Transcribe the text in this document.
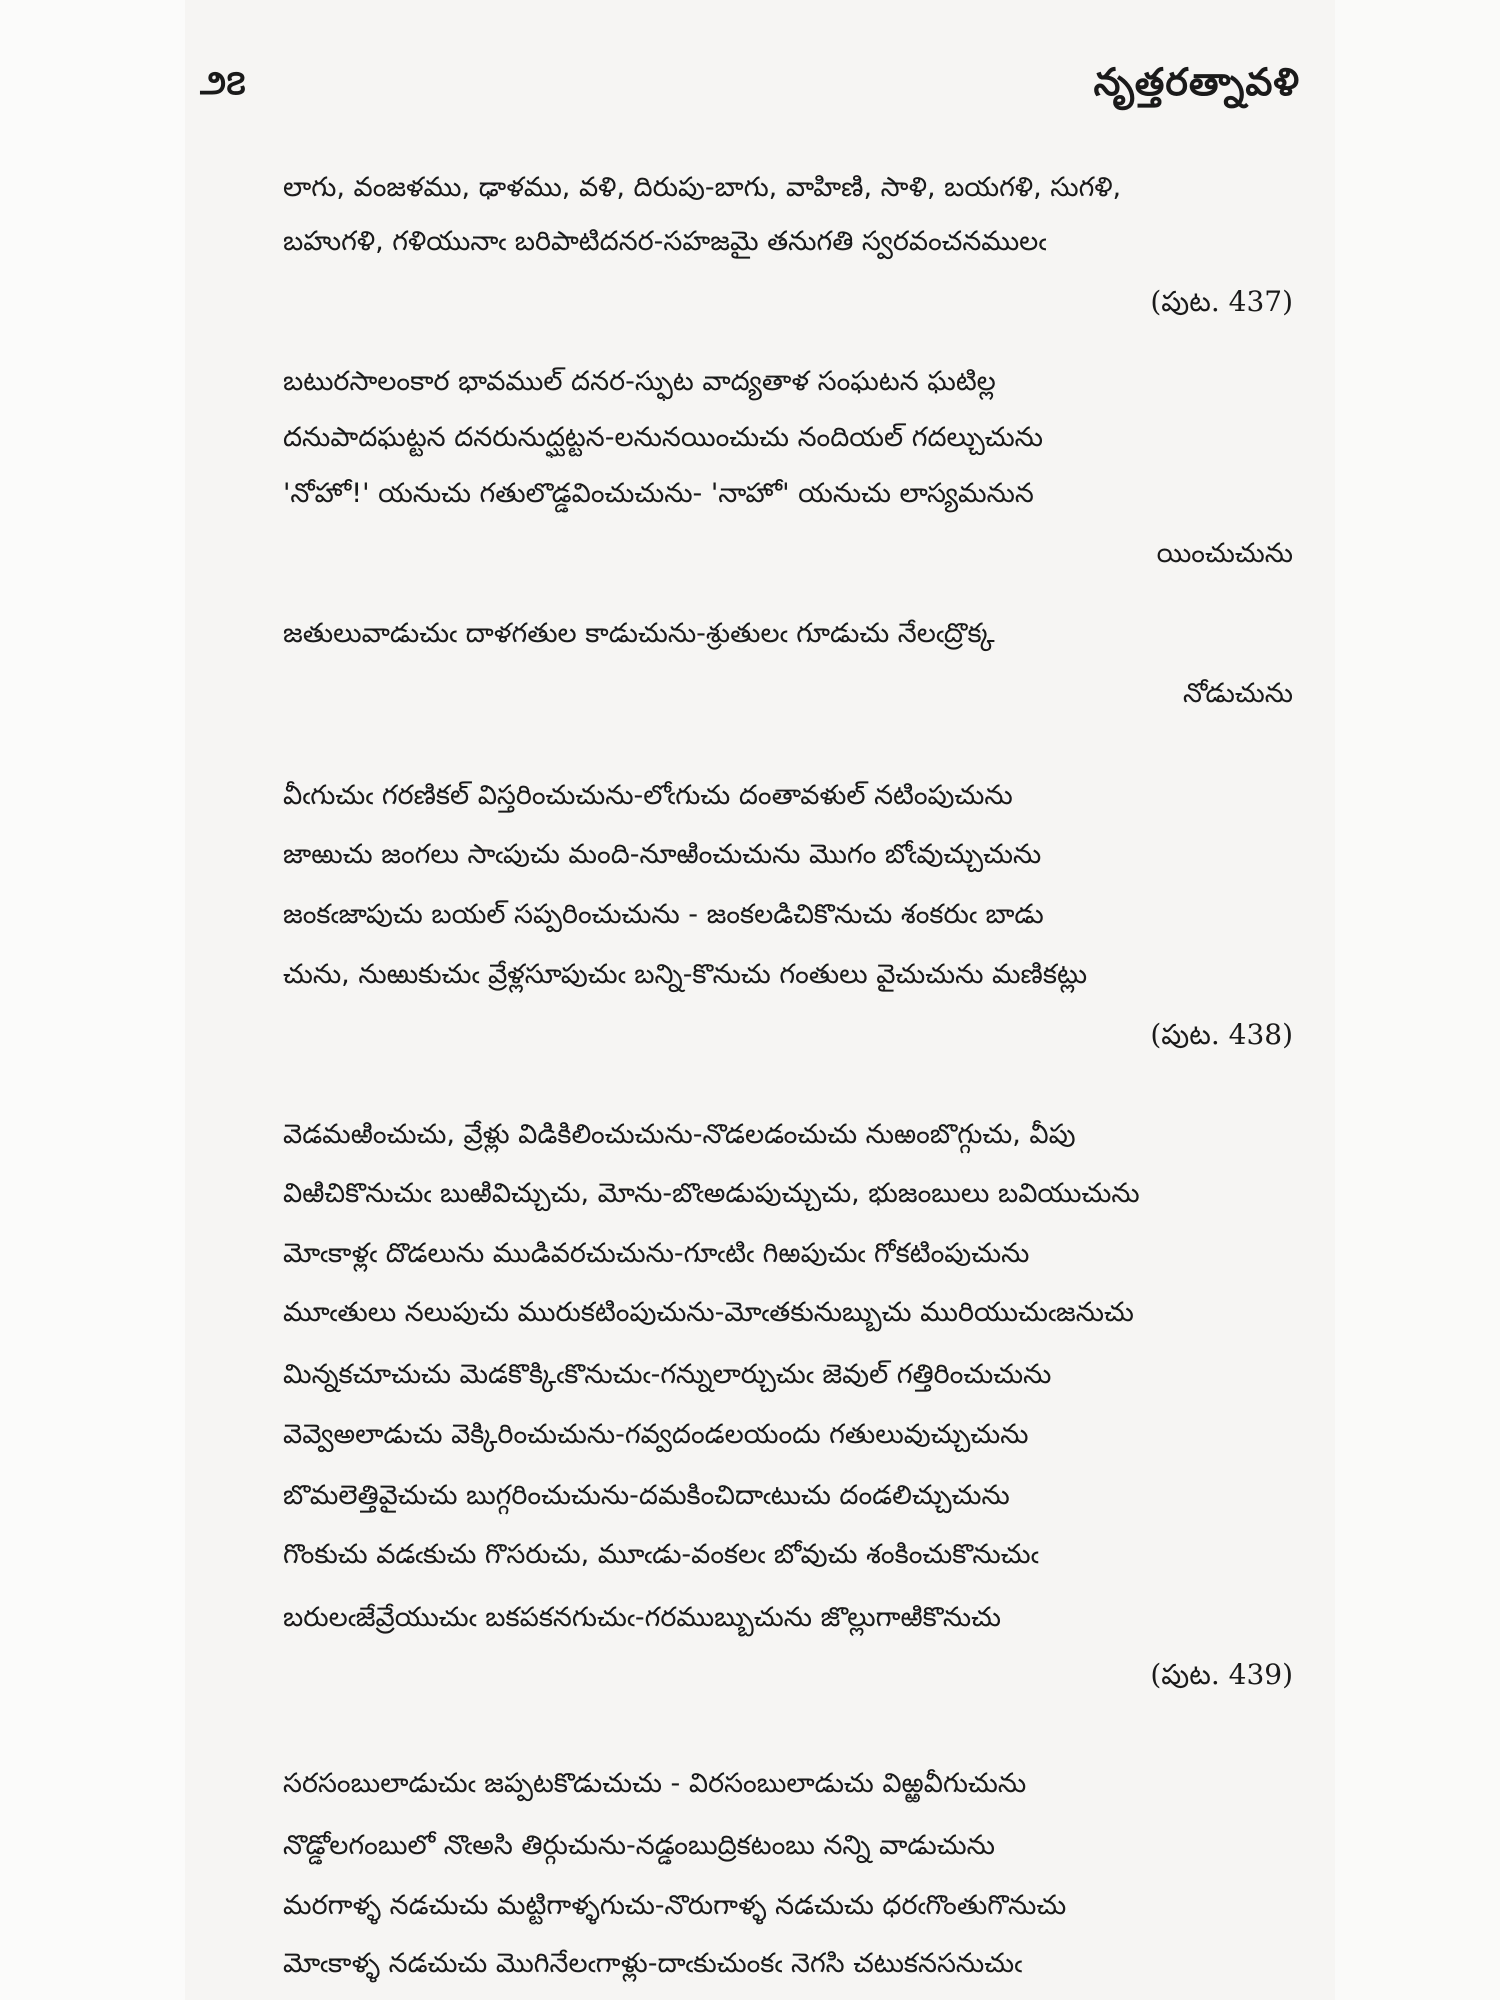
౨౭	నృత్తరత్నావళి
లాగు, వంజళము, ఢాళము, వళి, దిరుపు-బాగు, వాహిణి, సాళి, బయగళి, సుగళి,
బహుగళి, గళియునాఁ బరిపాటిదనర-సహజమై తనుగతి స్వరవంచనములఁ
(పుట. 437)
బటురసాలంకార భావముల్ దనర-స్ఫుట వాద్యతాళ సంఘటన ఘటిల్ల
దనుపాదఘట్టన దనరునుద్ఘట్టన-లనునయించుచు నందియల్ గదల్చుచును
'నోహో!' యనుచు గతులొడ్డవించుచును- 'నాహో' యనుచు లాస్యమనున
యించుచును
జతులువాడుచుఁ దాళగతుల కాడుచును-శ్రుతులఁ గూడుచు నేలఁద్రొక్క
నోడుచును
వీఁగుచుఁ గరణికల్ విస్తరించుచును-లోఁగుచు దంతావళుల్ నటింపుచును
జాఱుచు జంగలు సాఁపుచు మంది-నూఱించుచును మొగం బోఁవుచ్చుచును
జంకఁజాపుచు బయల్ సప్పరించుచును - జంకలడిచికొనుచు శంకరుఁ బాడు
చును, నుఱుకుచుఁ వ్రేళ్లసూపుచుఁ బన్ని-కొనుచు గంతులు వైచుచును మణికట్లు
(పుట. 438)
వెడమఱించుచు, వ్రేళ్లు విడికిలించుచును-నొడలడంచుచు నుఱంబొగ్గుచు, వీపు
విఱిచికొనుచుఁ బుఱివిచ్చుచు, మోను-బొఁఅడుపుచ్చుచు, భుజంబులు బవియుచును
మోఁకాళ్లఁ దొడలును ముడివరచుచును-గూఁటిఁ గిఱపుచుఁ గోకటింపుచును
మూఁతులు నలుపుచు మురుకటింపుచును-మోఁతకునుబ్బుచు మురియుచుఁజనుచు
మిన్నకచూచుచు మెడకొక్కిఁకొనుచుఁ-గన్నులార్చుచుఁ జెవుల్ గత్తిరించుచును
వెవ్వెఅలాడుచు వెక్కిరించుచును-గవ్వదండలయందు గతులువుచ్చుచును
బొమలెత్తివైచుచు బుగ్గరించుచును-దమకించిదాఁటుచు దండలిచ్చుచును
గొంకుచు వడఁకుచు గొసరుచు, మూఁడు-వంకలఁ బోవుచు శంకించుకొనుచుఁ
బరులఁజేవ్రేయుచుఁ బకపకనగుచుఁ-గరముబ్బుచును జొల్లుగాఱికొనుచు
(పుట. 439)
సరసంబులాడుచుఁ జప్పటకొడుచుచు - విరసంబులాడుచు విఱ్ఱవీగుచును
నొడ్డోలగంబులో నొఁఅసి తిర్గుచును-నడ్డంబుద్రికటంబు నన్ని వాడుచును
మరగాళ్ళ నడచుచు మట్టిగాళ్ళగుచు-నొరుగాళ్ళ నడచుచు ధరఁగొంతుగొనుచు
మోఁకాళ్ళ నడచుచు మొగినేలఁగాళ్లు-దాఁకుచుంకఁ నెగసి చటుకనసనుచుఁ
